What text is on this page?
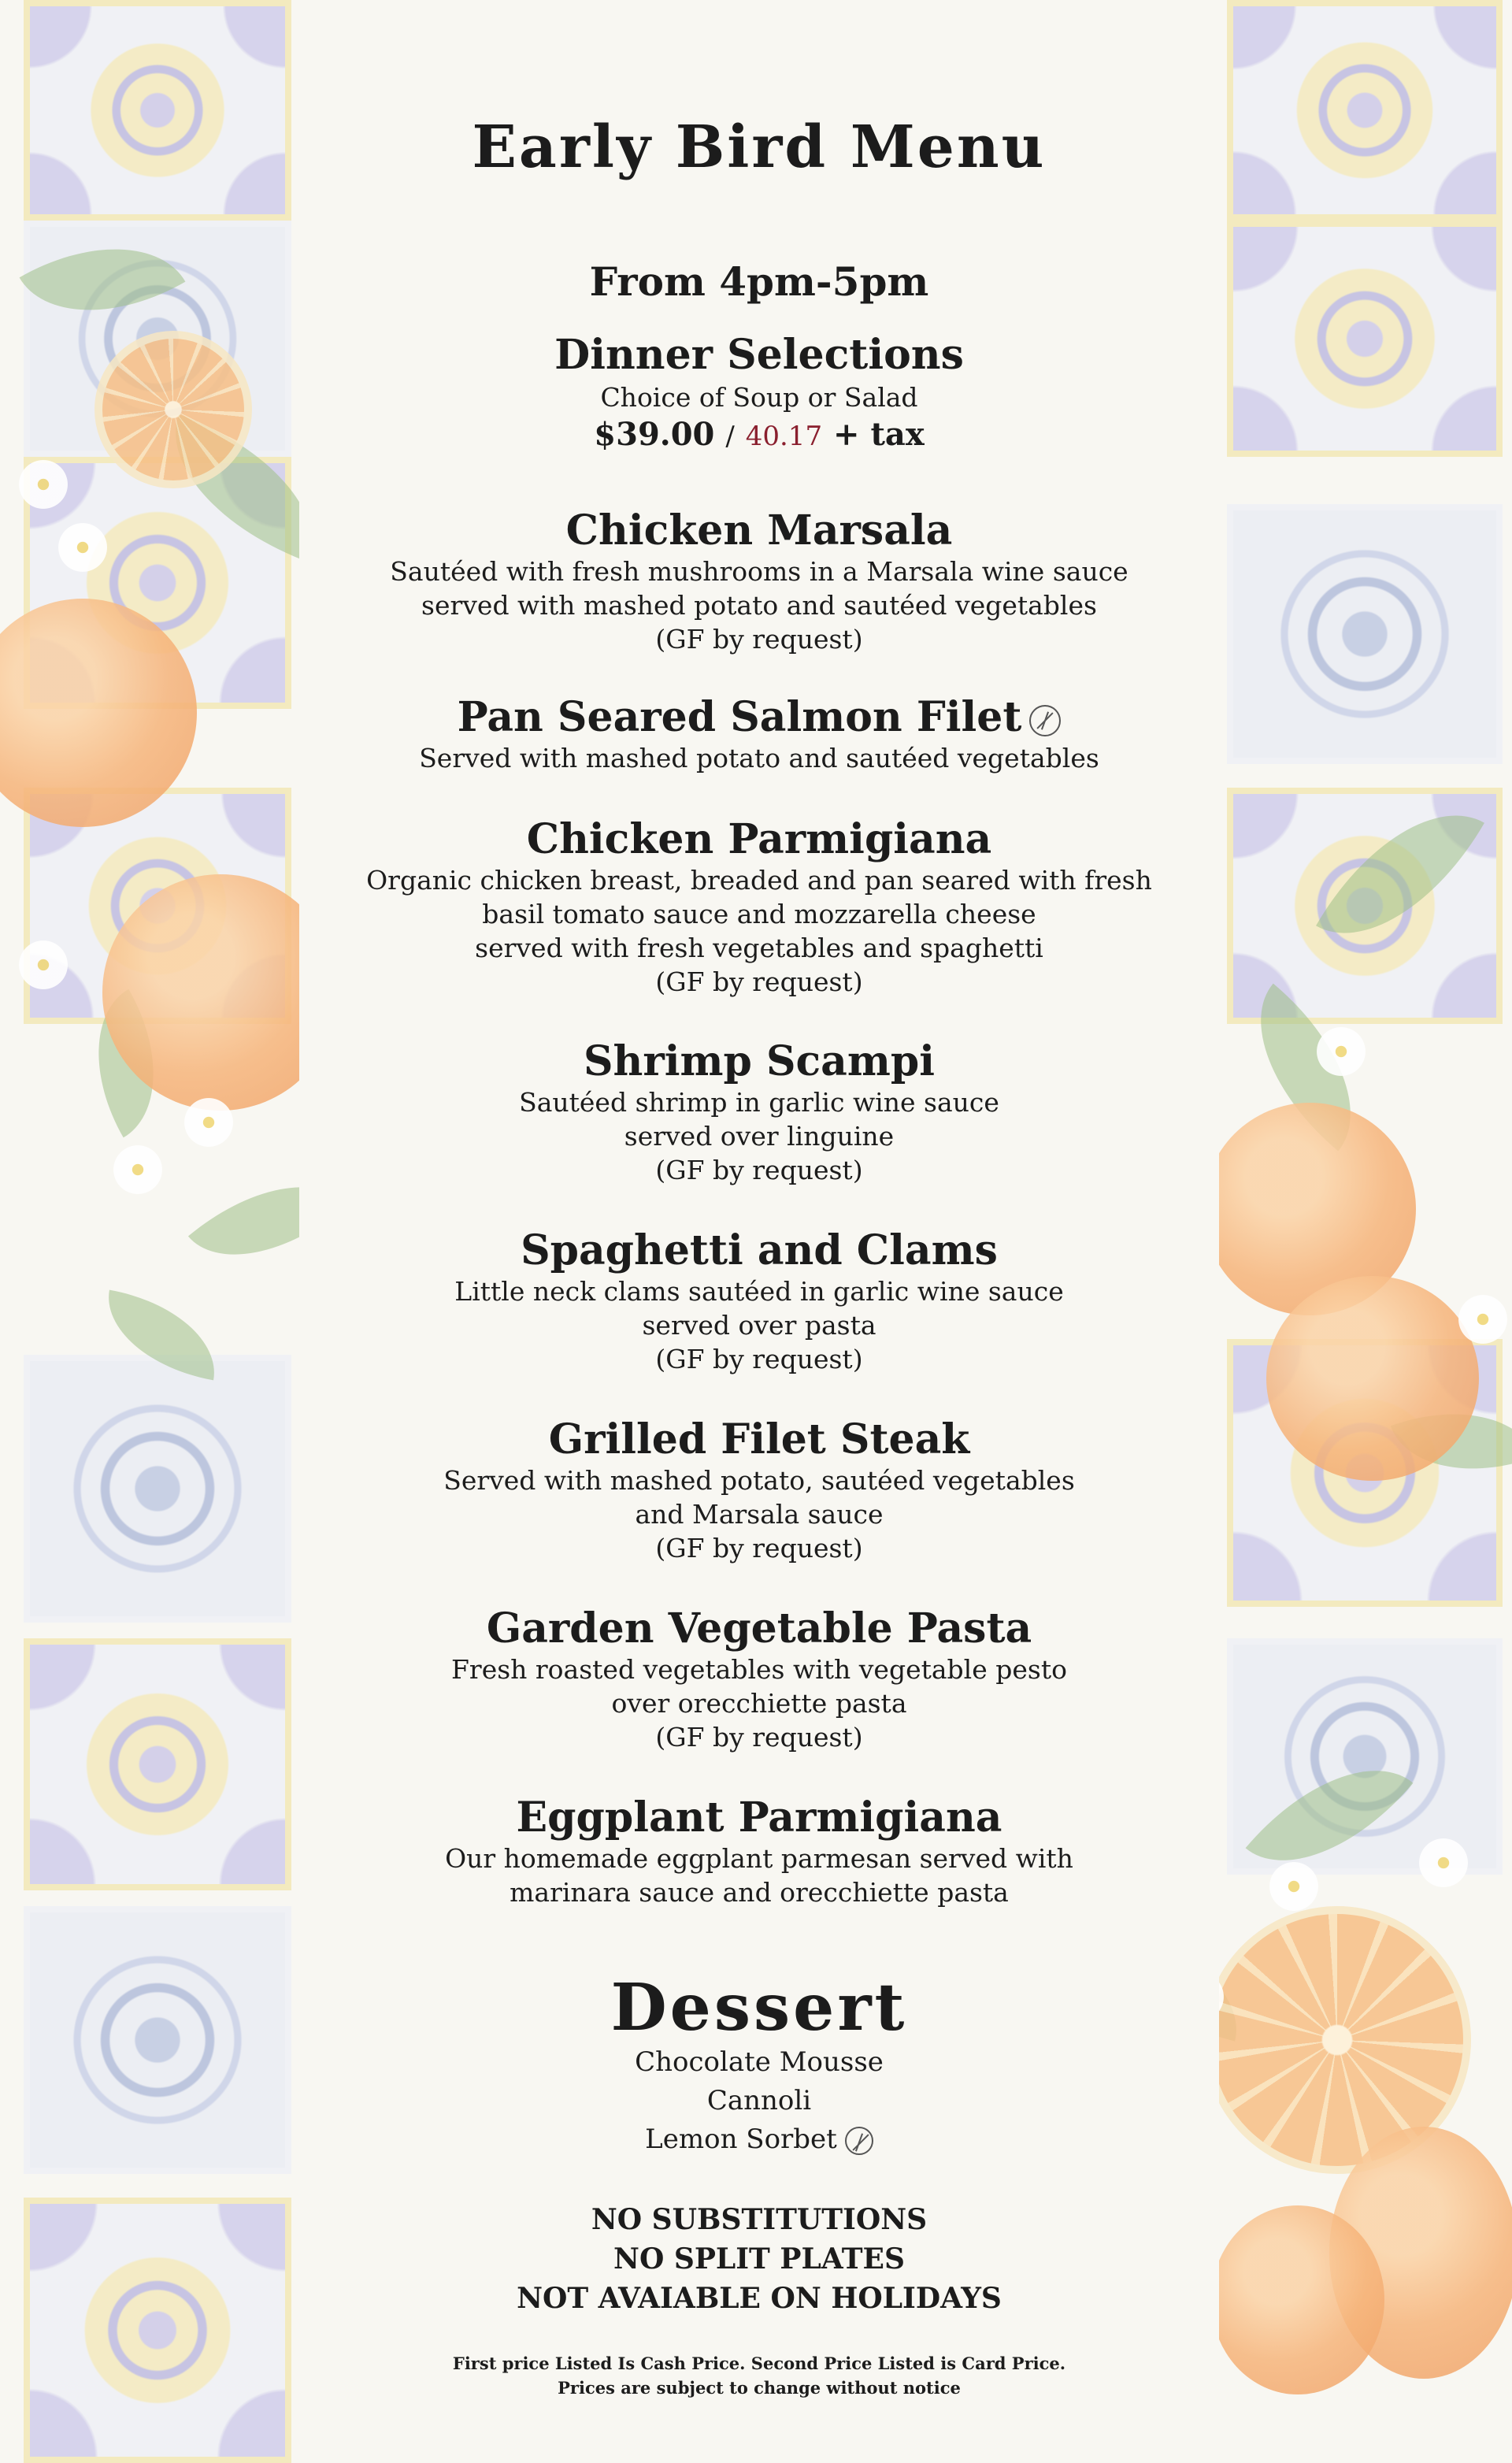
Early Bird Menu
From 4pm-5pm
Dinner Selections
Choice of Soup or Salad
$39.00 / 40.17 + tax
Chicken Marsala
Sautéed with fresh mushrooms in a Marsala wine sauce
served with mashed potato and sautéed vegetables
(GF by request)
Pan Seared Salmon Filet
Served with mashed potato and sautéed vegetables
Chicken Parmigiana
Organic chicken breast, breaded and pan seared with fresh
basil tomato sauce and mozzarella cheese
served with fresh vegetables and spaghetti
(GF by request)
Shrimp Scampi
Sautéed shrimp in garlic wine sauce
served over linguine
(GF by request)
Spaghetti and Clams
Little neck clams sautéed in garlic wine sauce
served over pasta
(GF by request)
Grilled Filet Steak
Served with mashed potato, sautéed vegetables
and Marsala sauce
(GF by request)
Garden Vegetable Pasta
Fresh roasted vegetables with vegetable pesto
over orecchiette pasta
(GF by request)
Eggplant Parmigiana
Our homemade eggplant parmesan served with
marinara sauce and orecchiette pasta
Dessert
Chocolate Mousse
Cannoli
Lemon Sorbet
NO SUBSTITUTIONS
NO SPLIT PLATES
NOT AVAIABLE ON HOLIDAYS
First price Listed Is Cash Price. Second Price Listed is Card Price.
Prices are subject to change without notice
